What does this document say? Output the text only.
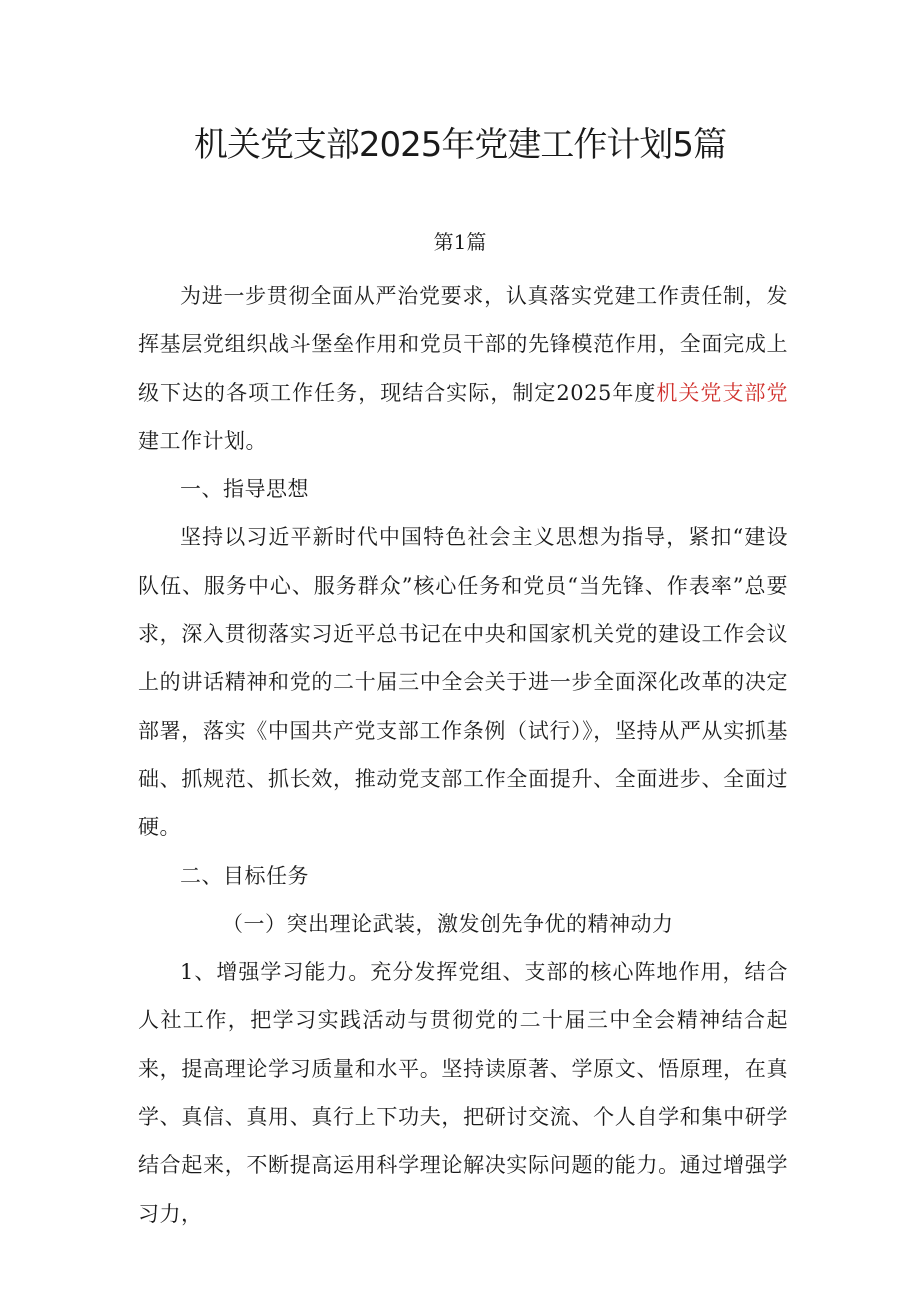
机关党支部2025年党建工作计划5篇
第1篇

为进一步贯彻全面从严治党要求，认真落实党建工作责任制，发挥基层党组织战斗堡垒作用和党员干部的先锋模范作用，全面完成上级下达的各项工作任务，现结合实际，制定2025年度机关党支部党建工作计划。

一、指导思想

坚持以习近平新时代中国特色社会主义思想为指导，紧扣“建设队伍、服务中心、服务群众”核心任务和党员“当先锋、作表率”总要求，深入贯彻落实习近平总书记在中央和国家机关党的建设工作会议上的讲话精神和党的二十届三中全会关于进一步全面深化改革的决定部署，落实《中国共产党支部工作条例（试行）》，坚持从严从实抓基础、抓规范、抓长效，推动党支部工作全面提升、全面进步、全面过硬。

二、目标任务

（一）突出理论武装，激发创先争优的精神动力

1、增强学习能力。充分发挥党组、支部的核心阵地作用，结合人社工作，把学习实践活动与贯彻党的二十届三中全会精神结合起来，提高理论学习质量和水平。坚持读原著、学原文、悟原理，在真学、真信、真用、真行上下功夫，把研讨交流、个人自学和集中研学结合起来，不断提高运用科学理论解决实际问题的能力。通过增强学习力，
